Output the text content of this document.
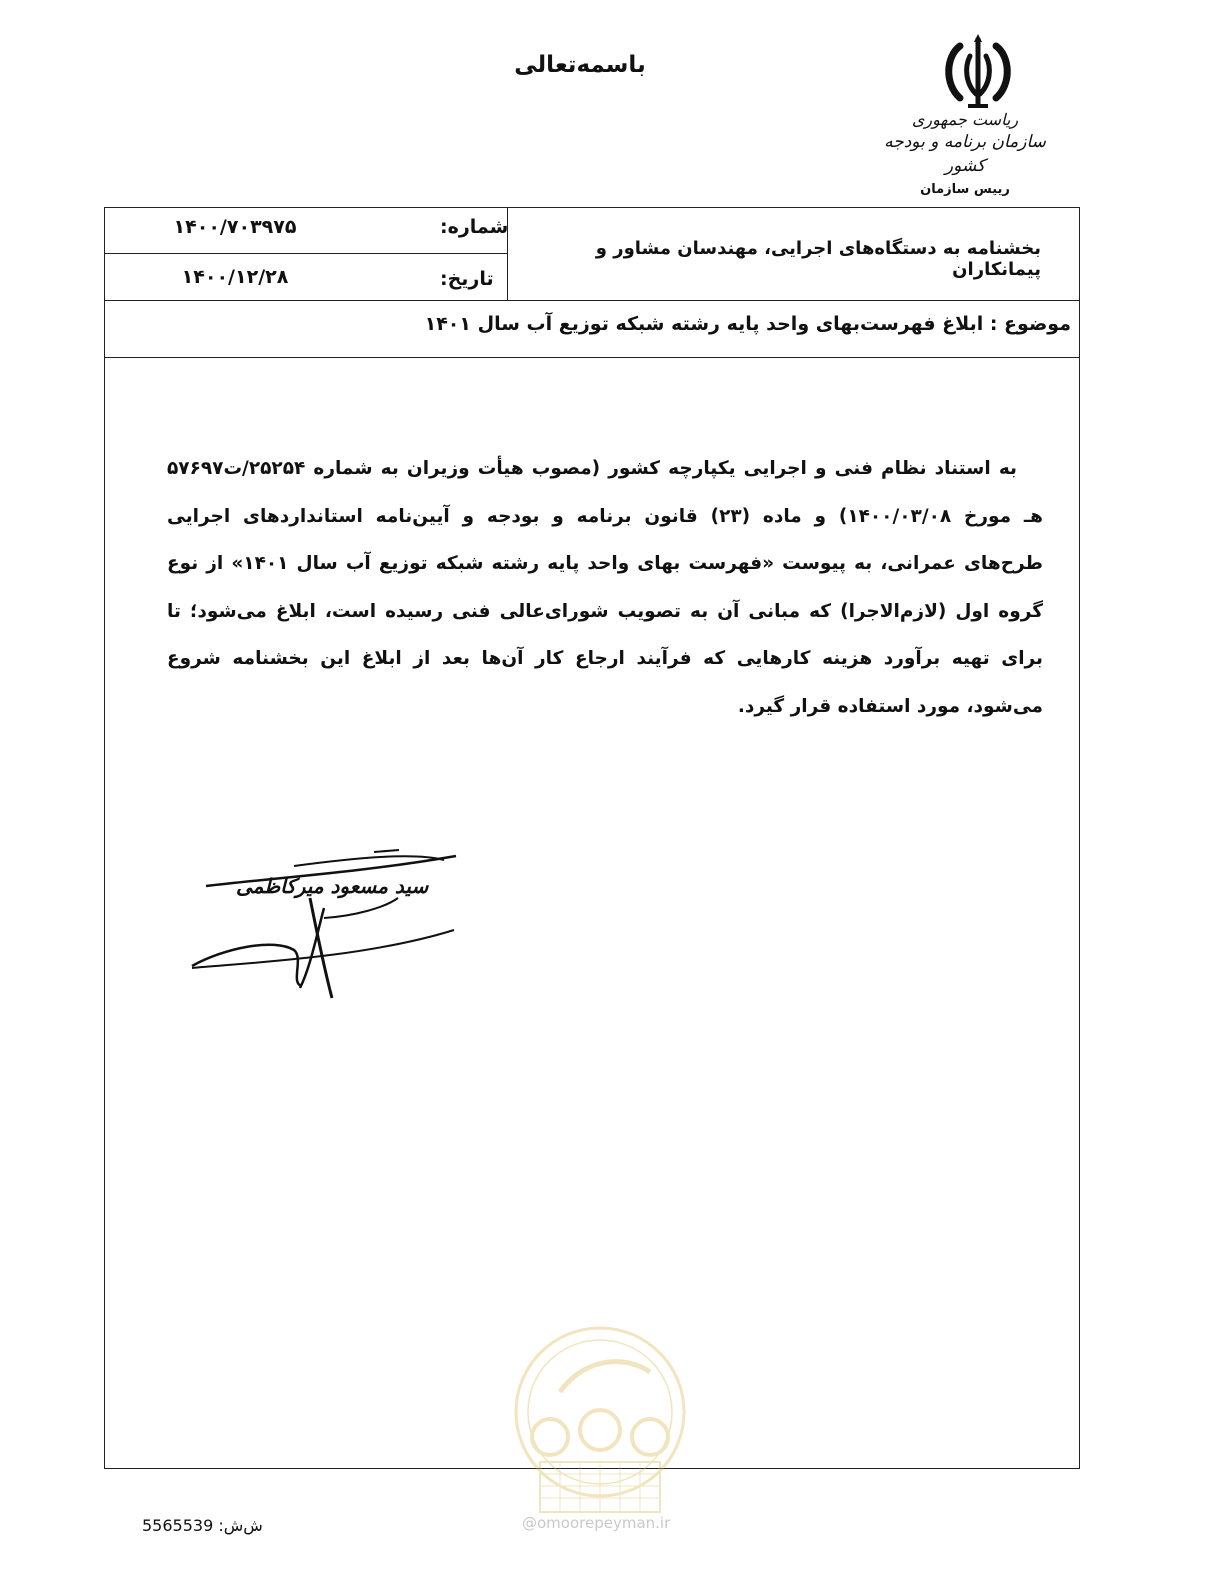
باسمه‌تعالی
ریاست جمهوری
سازمان برنامه و بودجه کشور
رییس سازمان
شماره:
۱۴۰۰/۷۰۳۹۷۵
تاریخ:
۱۴۰۰/۱۲/۲۸
بخشنامه به دستگاه‌های اجرایی، مهندسان مشاور و پیمانکاران
موضوع : ابلاغ فهرست‌بهای واحد پایه رشته شبکه توزیع آب سال ۱۴۰۱
به استناد نظام فنی و اجرایی یکپارچه کشور (مصوب هیأت وزیران به شماره ۲۵۲۵۴/ت۵۷۶۹۷ هـ مورخ ۱۴۰۰/۰۳/۰۸) و ماده (۲۳) قانون برنامه و بودجه و آیین‌نامه استانداردهای اجرایی طرح‌های عمرانی، به پیوست «فهرست بهای واحد پایه رشته شبکه توزیع آب سال ۱۴۰۱» از نوع گروه اول (لازم‌الاجرا) که مبانی آن به تصویب شورای‌عالی فنی رسیده است، ابلاغ می‌شود؛ تا برای تهیه برآورد هزینه کارهایی که فرآیند ارجاع کار آن‌ها بعد از ابلاغ این بخشنامه شروع می‌شود، مورد استفاده قرار گیرد.
سید مسعود میرکاظمی
@omoorepeyman.ir
ش‌ش: 5565539
